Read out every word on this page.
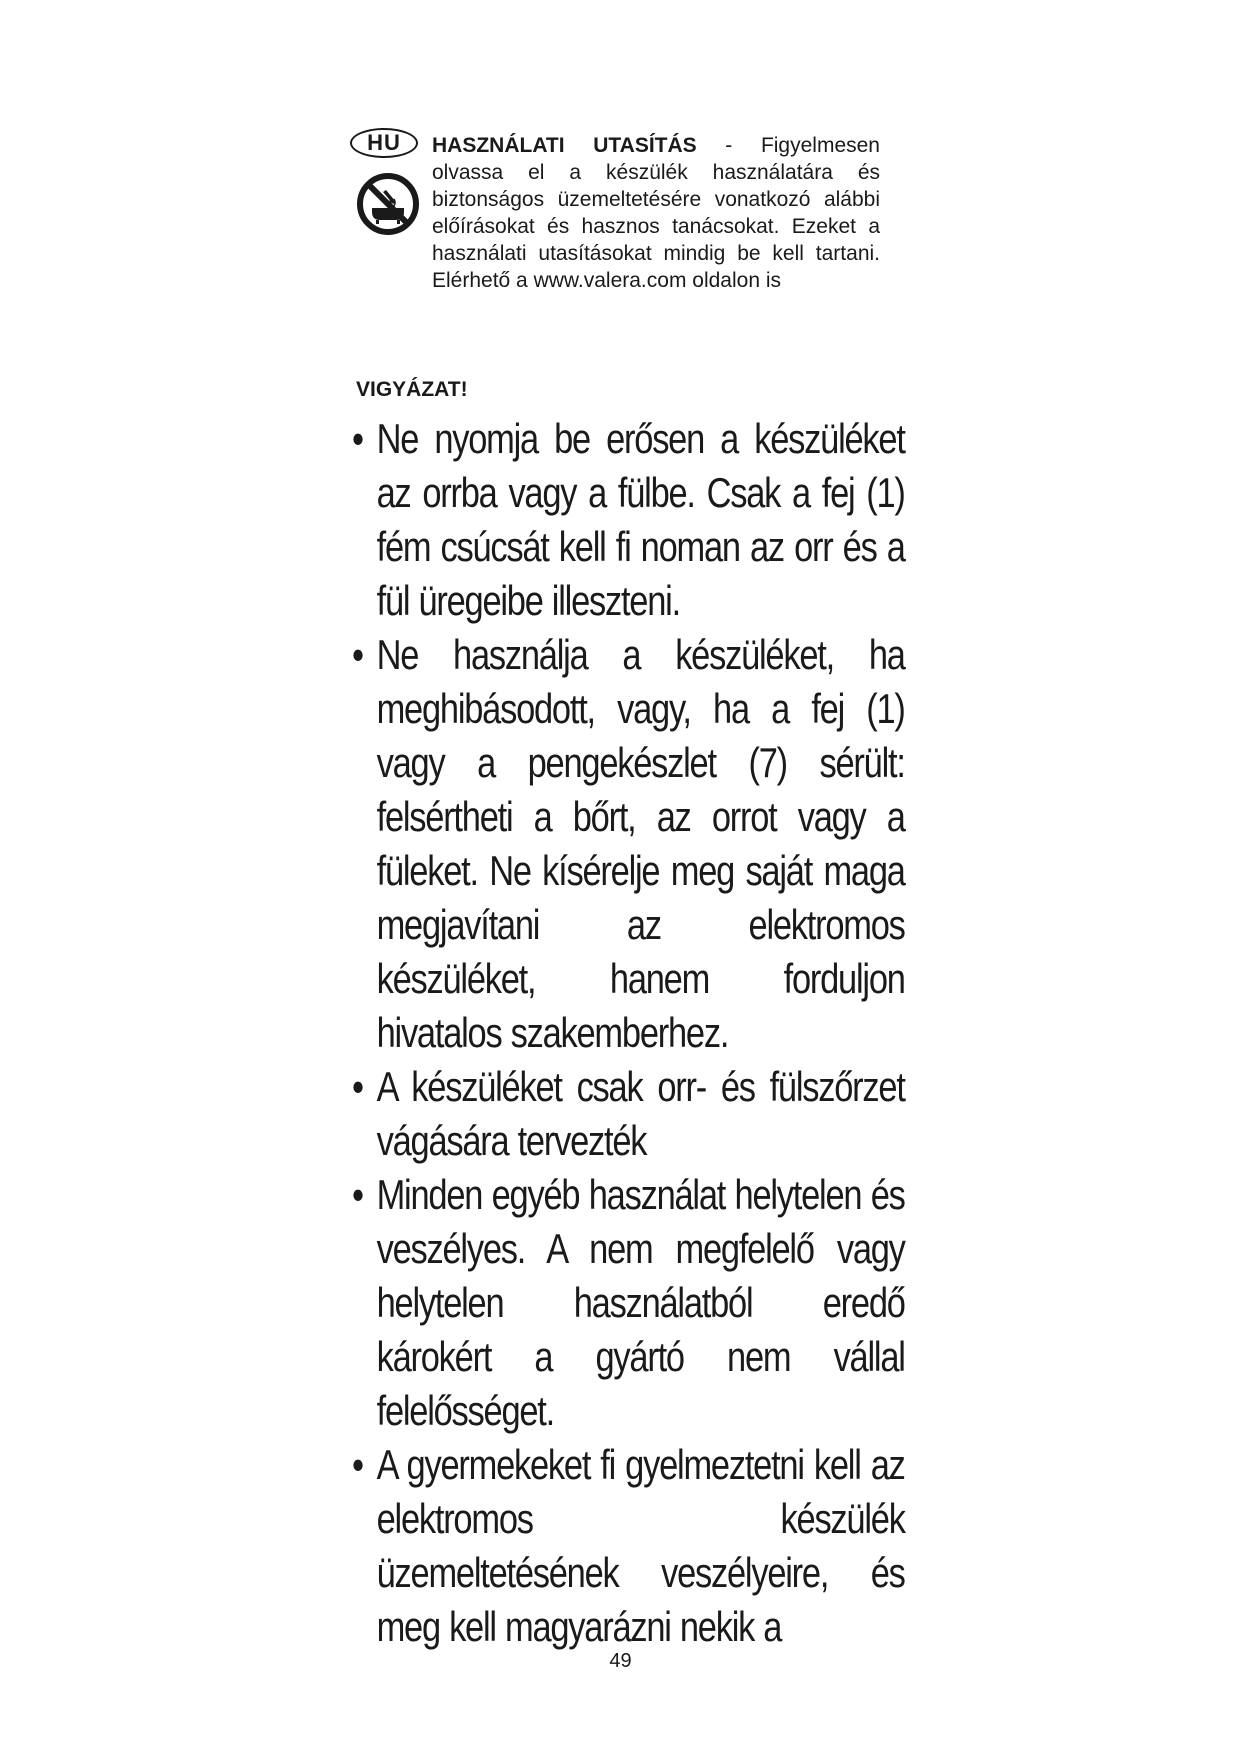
HU	HASZNÁLATI UTASÍTÁS - Figyelmesen olvassa el a készülék használatára és biztonságos üzemeltetésére vonatkozó alábbi előírásokat és hasznos tanácsokat. Ezeket a használati utasításokat mindig be kell tartani. Elérhető a www.valera.com oldalon is
VIGYÁZAT!
• Ne nyomja be erősen a készüléket az orrba vagy a fülbe. Csak a fej (1) fém csúcsát kell fi noman az orr és a fül üregeibe illeszteni.
• Ne használja a készüléket, ha meghibásodott, vagy, ha a fej (1) vagy a pengekészlet (7) sérült: felsértheti a bőrt, az orrot vagy a füleket. Ne kísérelje meg saját maga megjavítani az elektromos készüléket, hanem forduljon hivatalos szakemberhez.
• A készüléket csak orr- és fülszőrzet vágására tervezték
• Minden egyéb használat helytelen és veszélyes. A nem megfelelő vagy helytelen használatból eredő károkért a gyártó nem vállal felelősséget.
• A gyermekeket fi gyelmeztetni kell az elektromos készülék üzemeltetésének veszélyeire, és meg kell magyarázni nekik a
49
